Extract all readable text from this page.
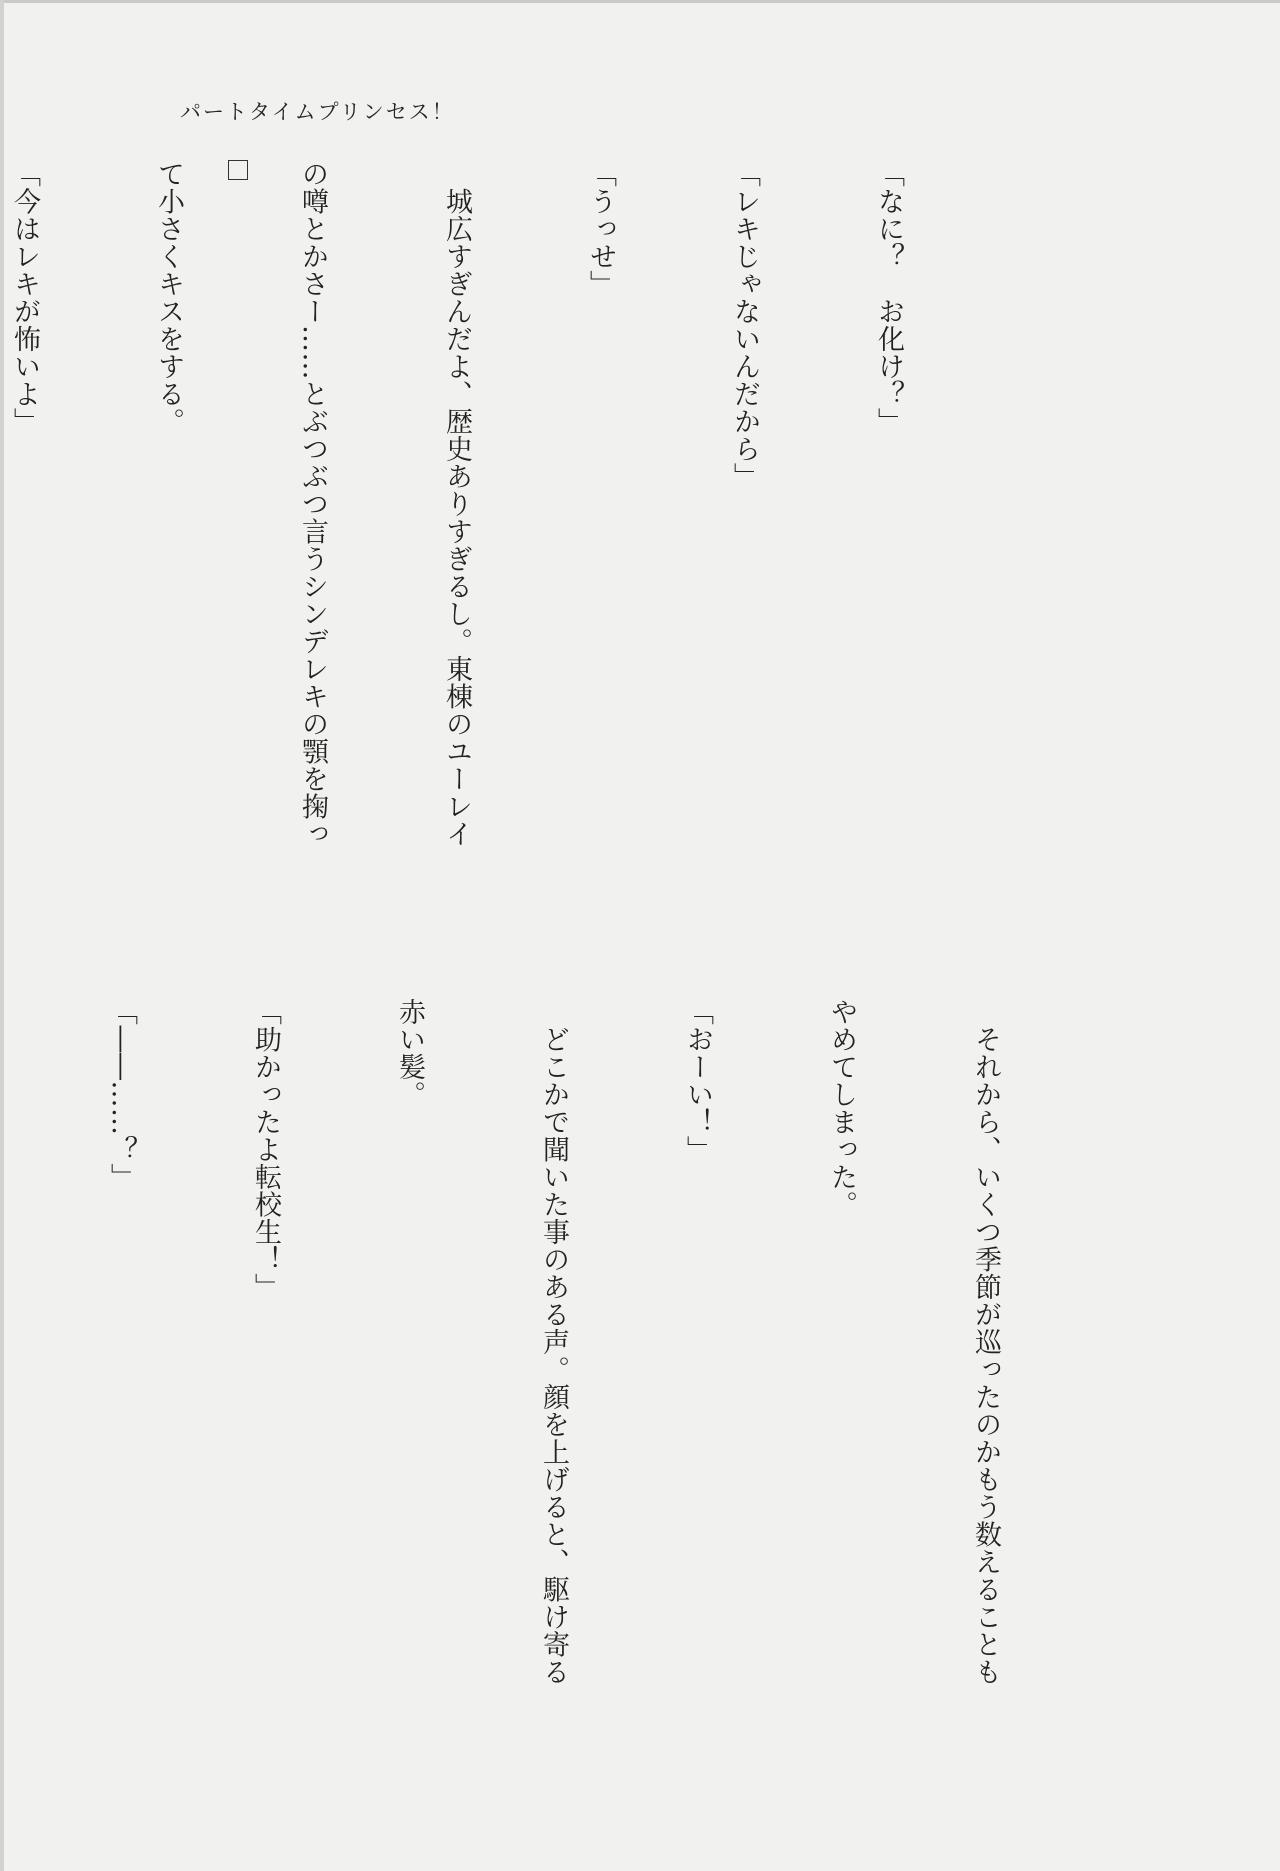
パートタイムプリンセス！

「なに？　お化け？」

「レキじゃないんだから」

「うっせ」

　城広すぎんだよ、歴史ありすぎるし。東棟のユーレイ

の噂とかさー……とぶつぶつ言うシンデレキの顎を掬っ

て小さくキスをする。

「今はレキが怖いよ」

　それから、いくつ季節が巡ったのかもう数えることも

やめてしまった。

「おーい！」

　どこかで聞いた事のある声。顔を上げると、駆け寄る

赤い髪。

「助かったよ転校生！」

「――……？」
